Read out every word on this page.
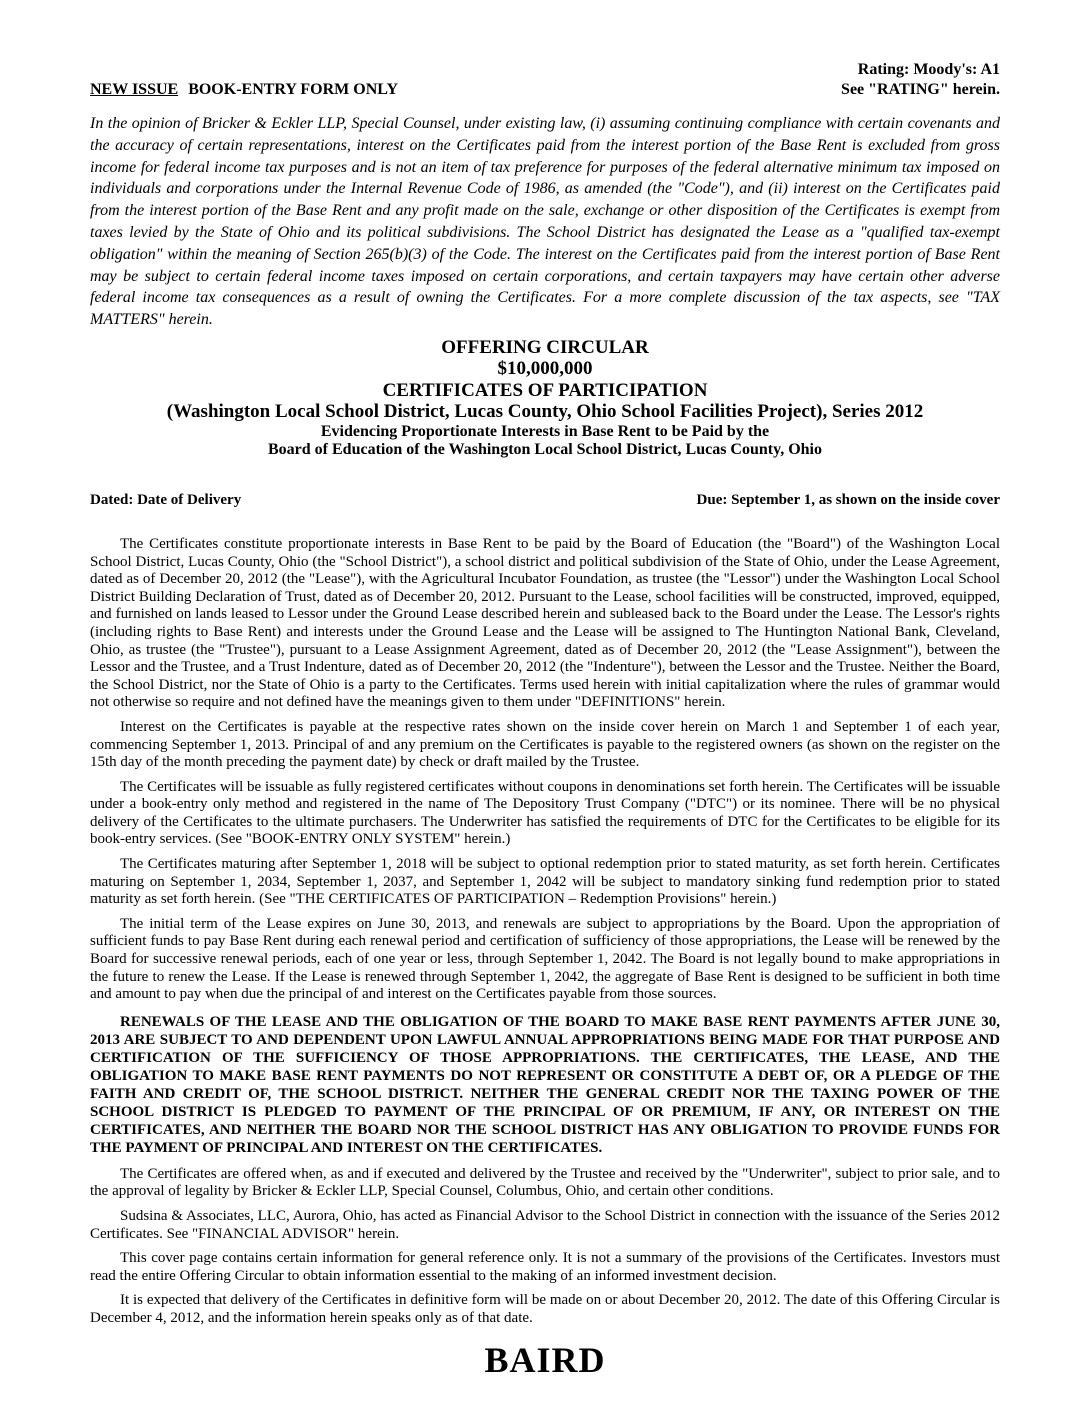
NEW ISSUE BOOK-ENTRY FORM ONLY
Rating: Moody's: A1
See "RATING" herein.

In the opinion of Bricker & Eckler LLP, Special Counsel, under existing law, (i) assuming continuing compliance with certain covenants and the accuracy of certain representations, interest on the Certificates paid from the interest portion of the Base Rent is excluded from gross income for federal income tax purposes and is not an item of tax preference for purposes of the federal alternative minimum tax imposed on individuals and corporations under the Internal Revenue Code of 1986, as amended (the "Code"), and (ii) interest on the Certificates paid from the interest portion of the Base Rent and any profit made on the sale, exchange or other disposition of the Certificates is exempt from taxes levied by the State of Ohio and its political subdivisions. The School District has designated the Lease as a "qualified tax-exempt obligation" within the meaning of Section 265(b)(3) of the Code. The interest on the Certificates paid from the interest portion of Base Rent may be subject to certain federal income taxes imposed on certain corporations, and certain taxpayers may have certain other adverse federal income tax consequences as a result of owning the Certificates. For a more complete discussion of the tax aspects, see "TAX MATTERS" herein.

OFFERING CIRCULAR
$10,000,000
CERTIFICATES OF PARTICIPATION
(Washington Local School District, Lucas County, Ohio School Facilities Project), Series 2012
Evidencing Proportionate Interests in Base Rent to be Paid by the
Board of Education of the Washington Local School District, Lucas County, Ohio
Dated: Date of Delivery	Due: September 1, as shown on the inside cover

The Certificates constitute proportionate interests in Base Rent to be paid by the Board of Education (the "Board") of the Washington Local School District, Lucas County, Ohio (the "School District"), a school district and political subdivision of the State of Ohio, under the Lease Agreement, dated as of December 20, 2012 (the "Lease"), with the Agricultural Incubator Foundation, as trustee (the "Lessor") under the Washington Local School District Building Declaration of Trust, dated as of December 20, 2012. Pursuant to the Lease, school facilities will be constructed, improved, equipped, and furnished on lands leased to Lessor under the Ground Lease described herein and subleased back to the Board under the Lease. The Lessor's rights (including rights to Base Rent) and interests under the Ground Lease and the Lease will be assigned to The Huntington National Bank, Cleveland, Ohio, as trustee (the "Trustee"), pursuant to a Lease Assignment Agreement, dated as of December 20, 2012 (the "Lease Assignment"), between the Lessor and the Trustee, and a Trust Indenture, dated as of December 20, 2012 (the "Indenture"), between the Lessor and the Trustee. Neither the Board, the School District, nor the State of Ohio is a party to the Certificates. Terms used herein with initial capitalization where the rules of grammar would not otherwise so require and not defined have the meanings given to them under "DEFINITIONS" herein.

Interest on the Certificates is payable at the respective rates shown on the inside cover herein on March 1 and September 1 of each year, commencing September 1, 2013. Principal of and any premium on the Certificates is payable to the registered owners (as shown on the register on the 15th day of the month preceding the payment date) by check or draft mailed by the Trustee.

The Certificates will be issuable as fully registered certificates without coupons in denominations set forth herein. The Certificates will be issuable under a book-entry only method and registered in the name of The Depository Trust Company ("DTC") or its nominee. There will be no physical delivery of the Certificates to the ultimate purchasers. The Underwriter has satisfied the requirements of DTC for the Certificates to be eligible for its book-entry services. (See "BOOK-ENTRY ONLY SYSTEM" herein.)

The Certificates maturing after September 1, 2018 will be subject to optional redemption prior to stated maturity, as set forth herein. Certificates maturing on September 1, 2034, September 1, 2037, and September 1, 2042 will be subject to mandatory sinking fund redemption prior to stated maturity as set forth herein. (See "THE CERTIFICATES OF PARTICIPATION – Redemption Provisions" herein.)

The initial term of the Lease expires on June 30, 2013, and renewals are subject to appropriations by the Board. Upon the appropriation of sufficient funds to pay Base Rent during each renewal period and certification of sufficiency of those appropriations, the Lease will be renewed by the Board for successive renewal periods, each of one year or less, through September 1, 2042. The Board is not legally bound to make appropriations in the future to renew the Lease. If the Lease is renewed through September 1, 2042, the aggregate of Base Rent is designed to be sufficient in both time and amount to pay when due the principal of and interest on the Certificates payable from those sources.

RENEWALS OF THE LEASE AND THE OBLIGATION OF THE BOARD TO MAKE BASE RENT PAYMENTS AFTER JUNE 30, 2013 ARE SUBJECT TO AND DEPENDENT UPON LAWFUL ANNUAL APPROPRIATIONS BEING MADE FOR THAT PURPOSE AND CERTIFICATION OF THE SUFFICIENCY OF THOSE APPROPRIATIONS. THE CERTIFICATES, THE LEASE, AND THE OBLIGATION TO MAKE BASE RENT PAYMENTS DO NOT REPRESENT OR CONSTITUTE A DEBT OF, OR A PLEDGE OF THE FAITH AND CREDIT OF, THE SCHOOL DISTRICT. NEITHER THE GENERAL CREDIT NOR THE TAXING POWER OF THE SCHOOL DISTRICT IS PLEDGED TO PAYMENT OF THE PRINCIPAL OF OR PREMIUM, IF ANY, OR INTEREST ON THE CERTIFICATES, AND NEITHER THE BOARD NOR THE SCHOOL DISTRICT HAS ANY OBLIGATION TO PROVIDE FUNDS FOR THE PAYMENT OF PRINCIPAL AND INTEREST ON THE CERTIFICATES.

The Certificates are offered when, as and if executed and delivered by the Trustee and received by the "Underwriter", subject to prior sale, and to the approval of legality by Bricker & Eckler LLP, Special Counsel, Columbus, Ohio, and certain other conditions.

Sudsina & Associates, LLC, Aurora, Ohio, has acted as Financial Advisor to the School District in connection with the issuance of the Series 2012 Certificates. See "FINANCIAL ADVISOR" herein.

This cover page contains certain information for general reference only. It is not a summary of the provisions of the Certificates. Investors must read the entire Offering Circular to obtain information essential to the making of an informed investment decision.

It is expected that delivery of the Certificates in definitive form will be made on or about December 20, 2012. The date of this Offering Circular is December 4, 2012, and the information herein speaks only as of that date.

BAIRD
